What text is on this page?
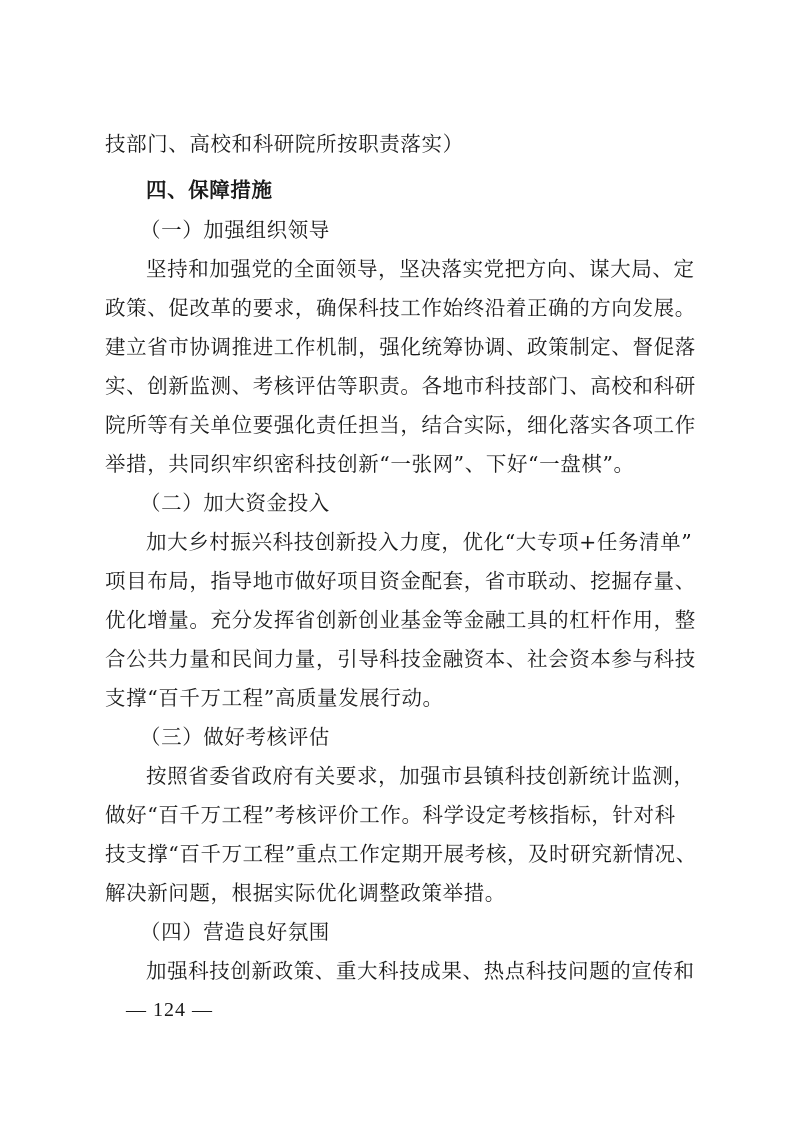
技部门、高校和科研院所按职责落实）
四、保障措施
（一）加强组织领导
坚持和加强党的全面领导，坚决落实党把方向、谋大局、定
政策、促改革的要求，确保科技工作始终沿着正确的方向发展。
建立省市协调推进工作机制，强化统筹协调、政策制定、督促落
实、创新监测、考核评估等职责。各地市科技部门、高校和科研
院所等有关单位要强化责任担当，结合实际，细化落实各项工作
举措，共同织牢织密科技创新“一张网”、下好“一盘棋”。
（二）加大资金投入
加大乡村振兴科技创新投入力度，优化“大专项+任务清单”
项目布局，指导地市做好项目资金配套，省市联动、挖掘存量、
优化增量。充分发挥省创新创业基金等金融工具的杠杆作用，整
合公共力量和民间力量，引导科技金融资本、社会资本参与科技
支撑“百千万工程”高质量发展行动。
（三）做好考核评估
按照省委省政府有关要求，加强市县镇科技创新统计监测，
做好“百千万工程”考核评价工作。科学设定考核指标，针对科
技支撑“百千万工程”重点工作定期开展考核，及时研究新情况、
解决新问题，根据实际优化调整政策举措。
（四）营造良好氛围
加强科技创新政策、重大科技成果、热点科技问题的宣传和
— 124 —
